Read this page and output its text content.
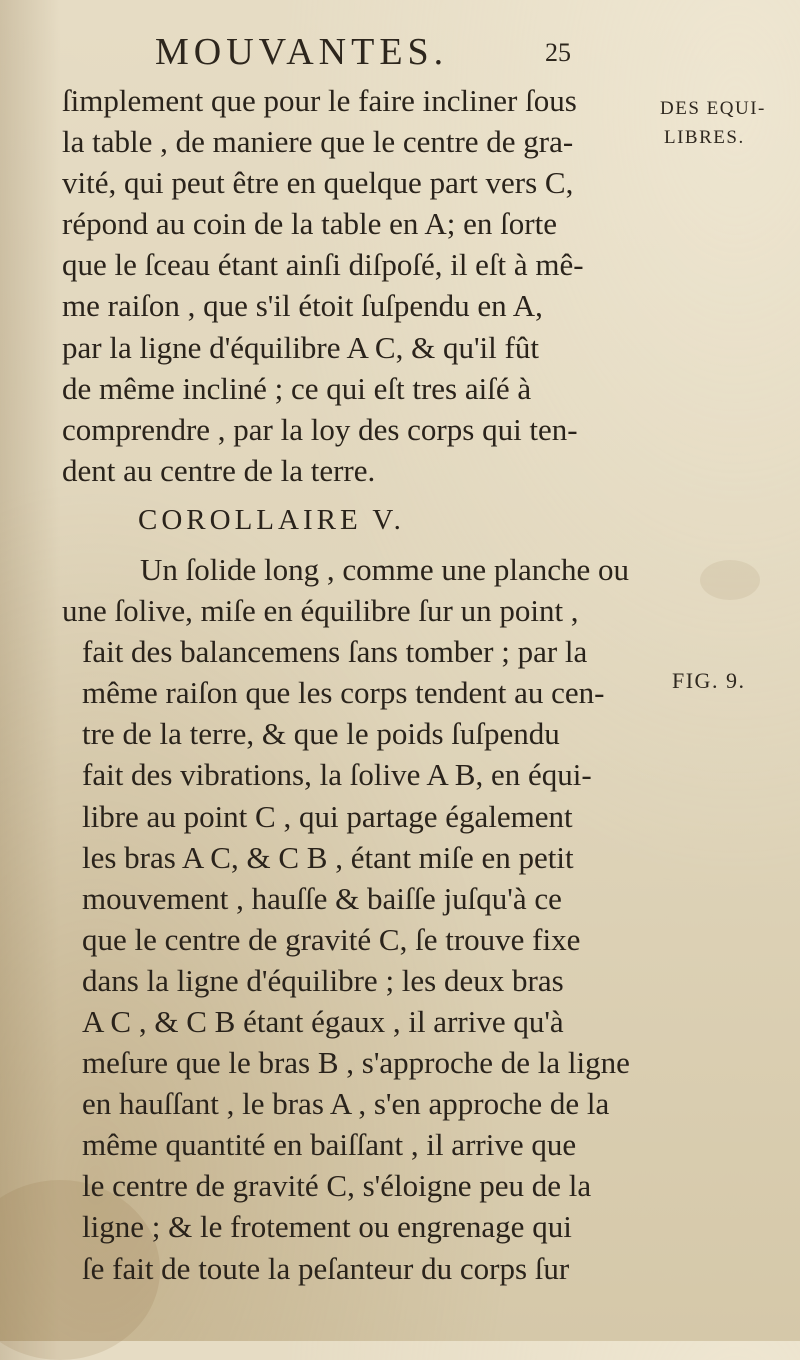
MOUVANTES.	25
DES EQUI-
LIBRES.
FIG. 9.
ſimplement que pour le faire incliner ſous
la table , de maniere que le centre de gra-
vité, qui peut être en quelque part vers C,
répond au coin de la table en A; en ſorte
que le ſceau étant ainſi diſpoſé, il eſt à mê-
me raiſon , que s'il étoit ſuſpendu en A,
par la ligne d'équilibre A C, & qu'il fût
de même incliné ; ce qui eſt tres aiſé à
comprendre , par la loy des corps qui ten-
dent au centre de la terre.
COROLLAIRE V.
Un ſolide long , comme une planche ou
une ſolive, miſe en équilibre ſur un point ,
fait des balancemens ſans tomber ; par la
même raiſon que les corps tendent au cen-
tre de la terre, & que le poids ſuſpendu
fait des vibrations, la ſolive A B, en équi-
libre au point C , qui partage également
les bras A C, & C B , étant miſe en petit
mouvement , hauſſe & baiſſe juſqu'à ce
que le centre de gravité C, ſe trouve fixe
dans la ligne d'équilibre ; les deux bras
A C , & C B étant égaux , il arrive qu'à
meſure que le bras B , s'approche de la ligne
en hauſſant , le bras A , s'en approche de la
même quantité en baiſſant , il arrive que
le centre de gravité C, s'éloigne peu de la
ligne ; & le frotement ou engrenage qui
ſe fait de toute la peſanteur du corps ſur
